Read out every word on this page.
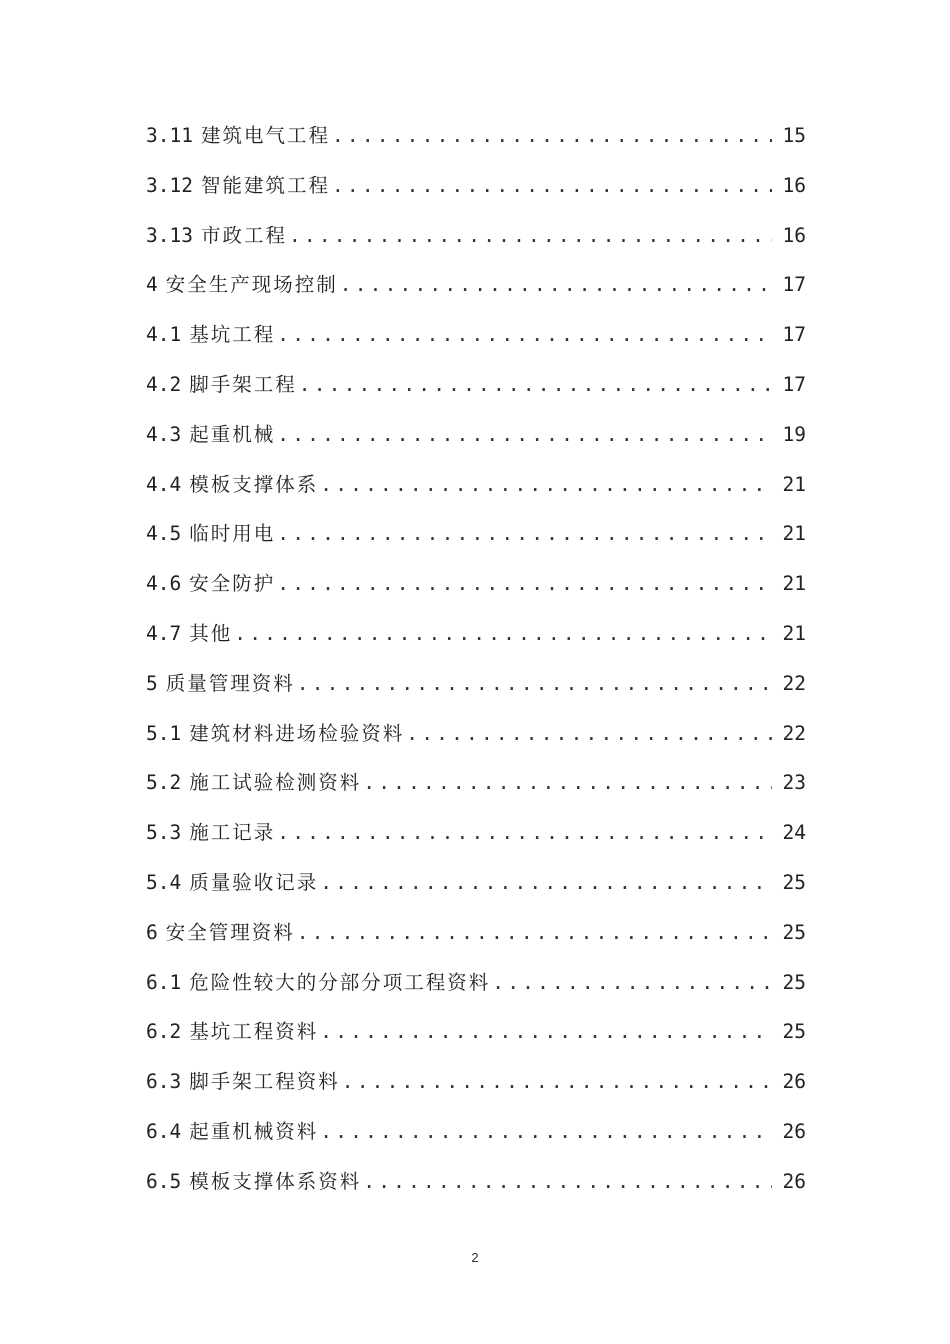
3.11 建筑电气工程 .....	15
3.12 智能建筑工程 .....	16
3.13 市政工程 .....	16
4 安全生产现场控制 .....	17
4.1 基坑工程 .....	17
4.2 脚手架工程 .....	17
4.3 起重机械 .....	19
4.4 模板支撑体系 .....	21
4.5 临时用电 .....	21
4.6 安全防护 .....	21
4.7 其他 .....	21
5 质量管理资料 .....	22
5.1 建筑材料进场检验资料 .....	22
5.2 施工试验检测资料 .....	23
5.3 施工记录 .....	24
5.4 质量验收记录 .....	25
6 安全管理资料 .....	25
6.1 危险性较大的分部分项工程资料 .....	25
6.2 基坑工程资料 .....	25
6.3 脚手架工程资料 .....	26
6.4 起重机械资料 .....	26
6.5 模板支撑体系资料 .....	26
2
